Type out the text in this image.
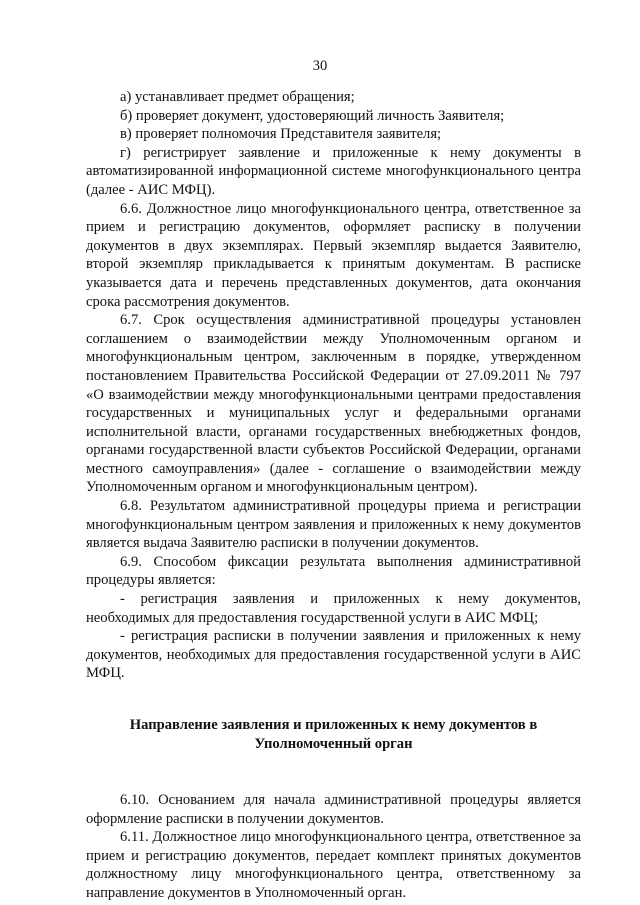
30

а) устанавливает предмет обращения;

б) проверяет документ, удостоверяющий личность Заявителя;

в) проверяет полномочия Представителя заявителя;

г) регистрирует заявление и приложенные к нему документы в автоматизированной информационной системе многофункционального центра (далее - АИС МФЦ).

6.6. Должностное лицо многофункционального центра, ответственное за прием и регистрацию документов, оформляет расписку в получении документов в двух экземплярах. Первый экземпляр выдается Заявителю, второй экземпляр прикладывается к принятым документам. В расписке указывается дата и перечень представленных документов, дата окончания срока рассмотрения документов.

6.7. Срок осуществления административной процедуры установлен соглашением о взаимодействии между Уполномоченным органом и многофункциональным центром, заключенным в порядке, утвержденном постановлением Правительства Российской Федерации от 27.09.2011 № 797 «О взаимодействии между многофункциональными центрами предоставления государственных и муниципальных услуг и федеральными органами исполнительной власти, органами государственных внебюджетных фондов, органами государственной власти субъектов Российской Федерации, органами местного самоуправления» (далее - соглашение о взаимодействии между Уполномоченным органом и многофункциональным центром).

6.8. Результатом административной процедуры приема и регистрации многофункциональным центром заявления и приложенных к нему документов является выдача Заявителю расписки в получении документов.

6.9. Способом фиксации результата выполнения административной процедуры является:

- регистрация заявления и приложенных к нему документов, необходимых для предоставления государственной услуги в АИС МФЦ;

- регистрация расписки в получении заявления и приложенных к нему документов, необходимых для предоставления государственной услуги в АИС МФЦ.

Направление заявления и приложенных к нему документов в Уполномоченный орган

6.10. Основанием для начала административной процедуры является оформление расписки в получении документов.

6.11. Должностное лицо многофункционального центра, ответственное за прием и регистрацию документов, передает комплект принятых документов должностному лицу многофункционального центра, ответственному за направление документов в Уполномоченный орган.
